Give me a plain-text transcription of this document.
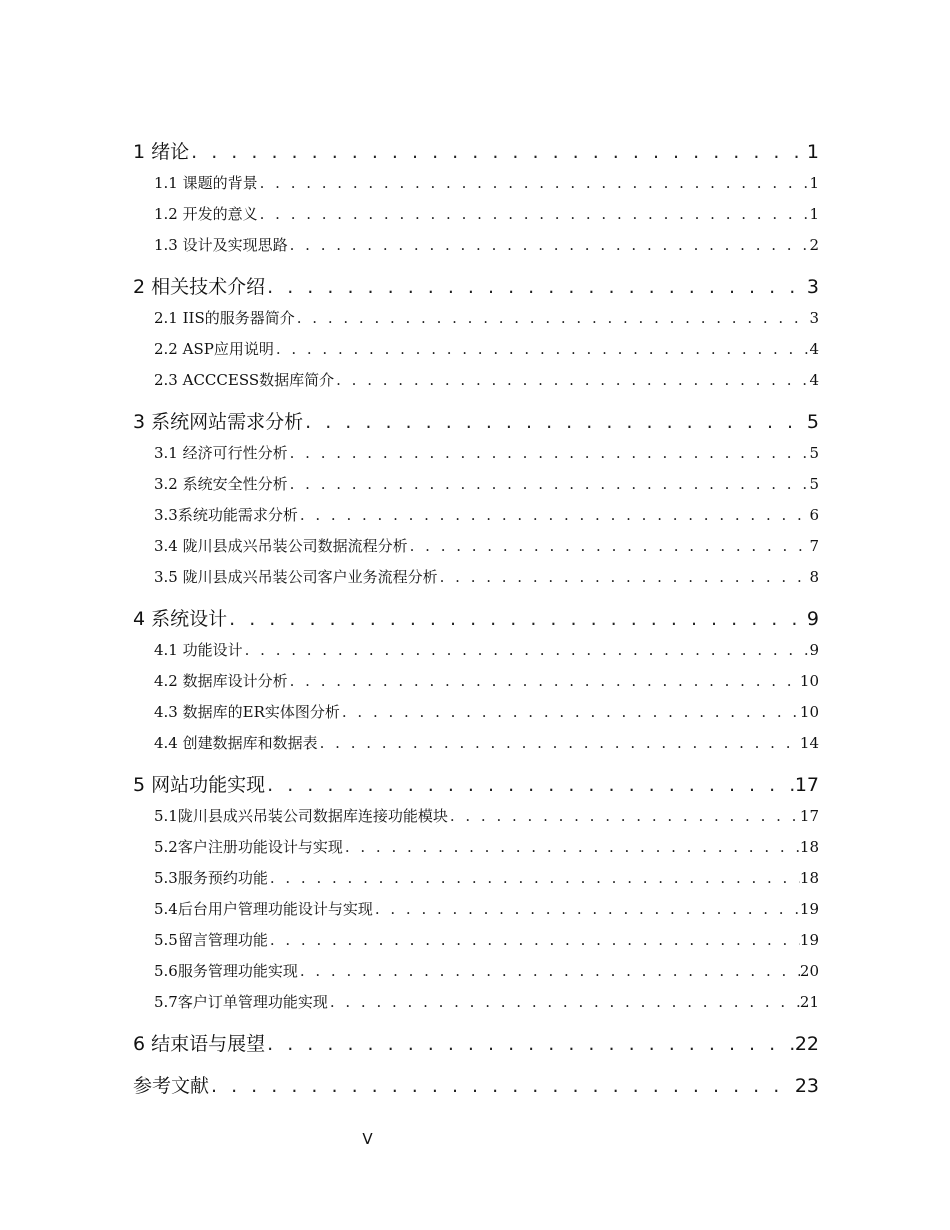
1 绪论 . . .	1
1.1 课题的背景 . . .	1
1.2 开发的意义 . . .	1
1.3 设计及实现思路 . . .	2
2 相关技术介绍 . . .	3
2.1 IIS的服务器简介 . . .	3
2.2 ASP应用说明 . . .	4
2.3 ACCCESS数据库简介 . . .	4
3 系统网站需求分析 . . .	5
3.1 经济可行性分析 . . .	5
3.2 系统安全性分析 . . .	5
3.3系统功能需求分析 . . .	6
3.4 陇川县成兴吊装公司数据流程分析 . . .	7
3.5 陇川县成兴吊装公司客户业务流程分析 . . .	8
4 系统设计 . . .	9
4.1 功能设计 . . .	9
4.2 数据库设计分析 . . .	10
4.3 数据库的ER实体图分析 . . .	10
4.4 创建数据库和数据表 . . .	14
5 网站功能实现 . . .	17
5.1陇川县成兴吊装公司数据库连接功能模块 . . .	17
5.2客户注册功能设计与实现 . . .	18
5.3服务预约功能 . . .	18
5.4后台用户管理功能设计与实现 . . .	19
5.5留言管理功能 . . .	19
5.6服务管理功能实现 . . .	20
5.7客户订单管理功能实现 . . .	21
6 结束语与展望 . . .	22
参考文献 . . .	23
V
